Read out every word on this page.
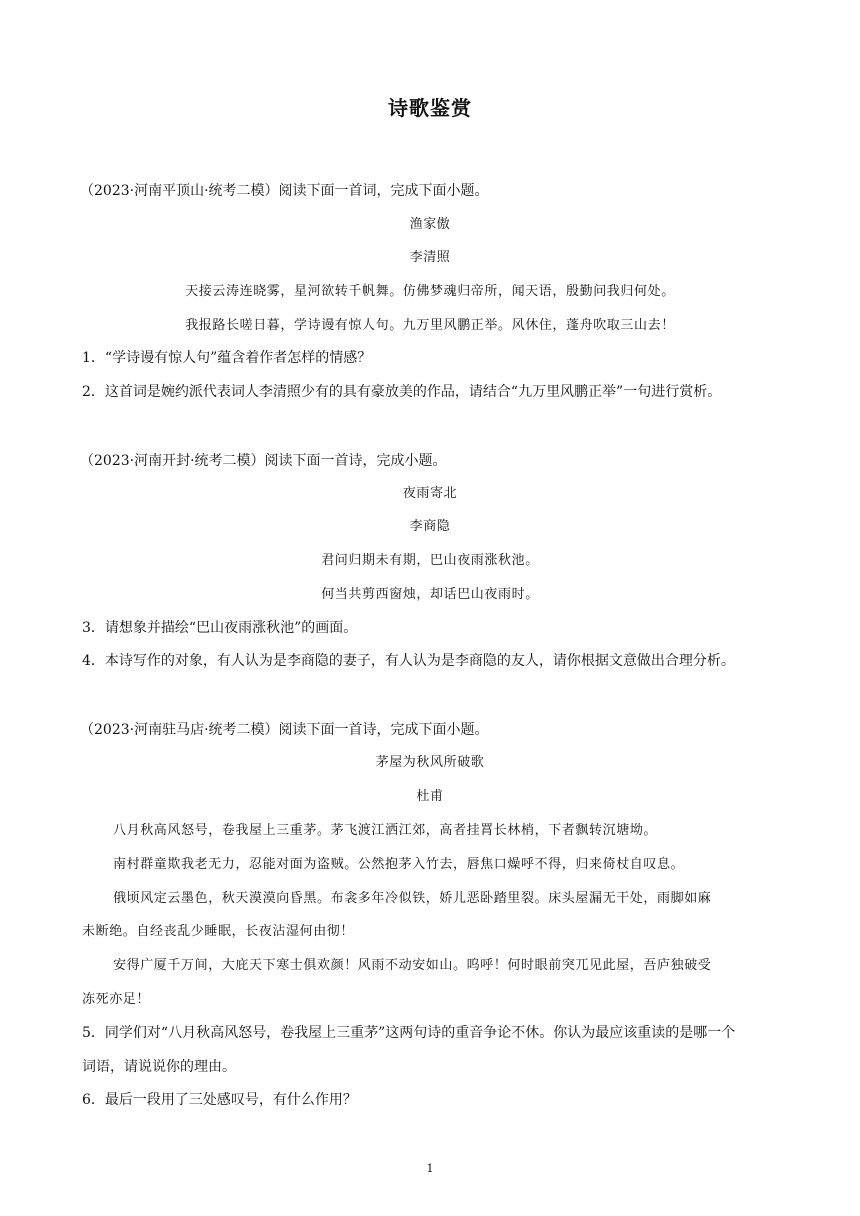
诗歌鉴赏
（2023·河南平顶山·统考二模）阅读下面一首词，完成下面小题。
渔家傲
李清照
天接云涛连晓雾，星河欲转千帆舞。仿佛梦魂归帝所，闻天语，殷勤问我归何处。
我报路长嗟日暮，学诗谩有惊人句。九万里风鹏正举。风休住，蓬舟吹取三山去！
1．“学诗谩有惊人句”蕴含着作者怎样的情感？
2．这首词是婉约派代表词人李清照少有的具有豪放美的作品，请结合“九万里风鹏正举”一句进行赏析。
（2023·河南开封·统考二模）阅读下面一首诗，完成小题。
夜雨寄北
李商隐
君问归期未有期，巴山夜雨涨秋池。
何当共剪西窗烛，却话巴山夜雨时。
3．请想象并描绘“巴山夜雨涨秋池”的画面。
4．本诗写作的对象，有人认为是李商隐的妻子，有人认为是李商隐的友人，请你根据文意做出合理分析。
（2023·河南驻马店·统考二模）阅读下面一首诗，完成下面小题。
茅屋为秋风所破歌
杜甫
八月秋高风怒号，卷我屋上三重茅。茅飞渡江洒江郊，高者挂罥长林梢，下者飘转沉塘坳。
南村群童欺我老无力，忍能对面为盗贼。公然抱茅入竹去，唇焦口燥呼不得，归来倚杖自叹息。
俄顷风定云墨色，秋天漠漠向昏黑。布衾多年冷似铁，娇儿恶卧踏里裂。床头屋漏无干处，雨脚如麻
未断绝。自经丧乱少睡眠，长夜沾湿何由彻！
安得广厦千万间，大庇天下寒士俱欢颜！风雨不动安如山。呜呼！何时眼前突兀见此屋，吾庐独破受
冻死亦足！
5．同学们对“八月秋高风怒号，卷我屋上三重茅”这两句诗的重音争论不休。你认为最应该重读的是哪一个
词语，请说说你的理由。
6．最后一段用了三处感叹号，有什么作用？
1
